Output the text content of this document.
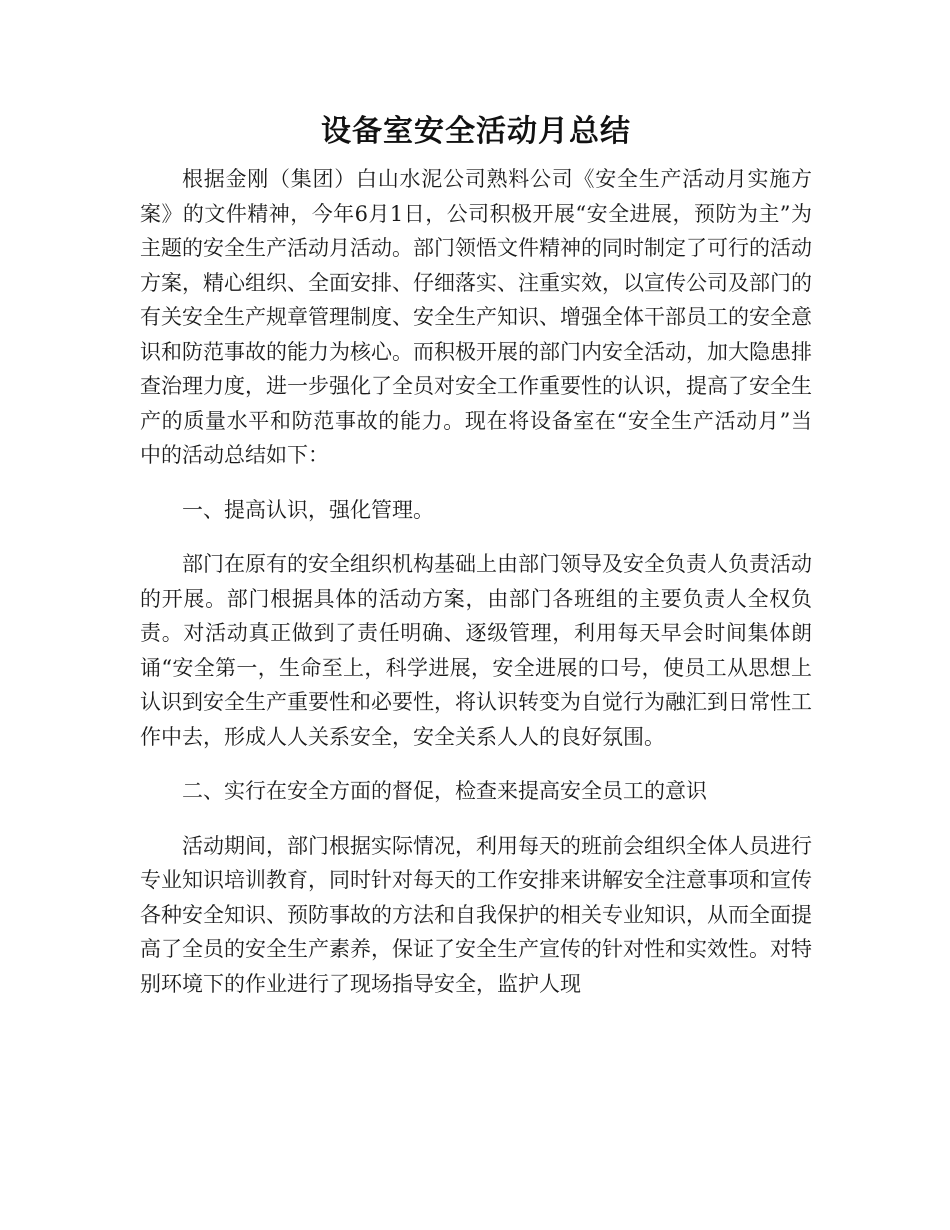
设备室安全活动月总结

根据金刚（集团）白山水泥公司熟料公司《安全生产活动月实施方案》的文件精神，今年6月1日，公司积极开展“安全进展，预防为主”为主题的安全生产活动月活动。部门领悟文件精神的同时制定了可行的活动方案，精心组织、全面安排、仔细落实、注重实效，以宣传公司及部门的有关安全生产规章管理制度、安全生产知识、增强全体干部员工的安全意识和防范事故的能力为核心。而积极开展的部门内安全活动，加大隐患排查治理力度，进一步强化了全员对安全工作重要性的认识，提高了安全生产的质量水平和防范事故的能力。现在将设备室在“安全生产活动月”当中的活动总结如下：

一、提高认识，强化管理。

部门在原有的安全组织机构基础上由部门领导及安全负责人负责活动的开展。部门根据具体的活动方案，由部门各班组的主要负责人全权负责。对活动真正做到了责任明确、逐级管理，利用每天早会时间集体朗诵“安全第一，生命至上，科学进展，安全进展的口号，使员工从思想上认识到安全生产重要性和必要性，将认识转变为自觉行为融汇到日常性工作中去，形成人人关系安全，安全关系人人的良好氛围。

二、实行在安全方面的督促，检查来提高安全员工的意识

活动期间，部门根据实际情况，利用每天的班前会组织全体人员进行专业知识培训教育，同时针对每天的工作安排来讲解安全注意事项和宣传各种安全知识、预防事故的方法和自我保护的相关专业知识，从而全面提高了全员的安全生产素养，保证了安全生产宣传的针对性和实效性。对特别环境下的作业进行了现场指导安全，监护人现
